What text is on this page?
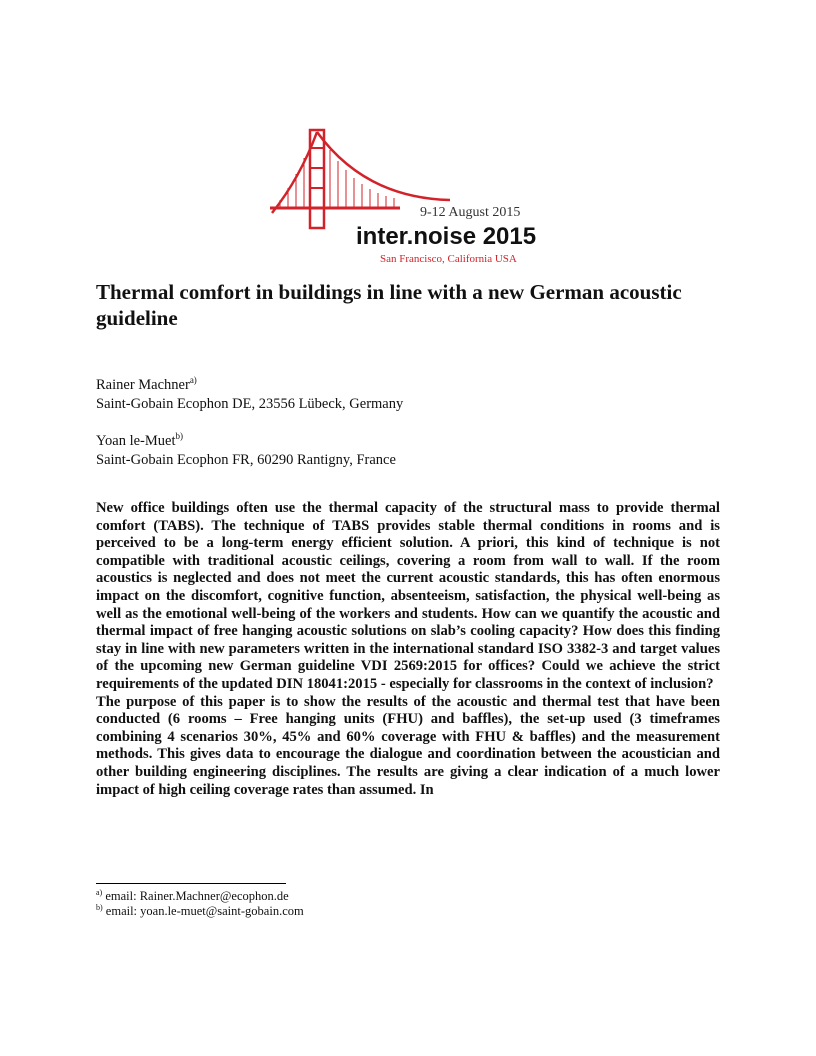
9-12 August 2015
inter.noise 2015
San Francisco, California USA
Thermal comfort in buildings in line with a new German acoustic guideline
Rainer Machner$^{a)}$
Saint-Gobain Ecophon DE, 23556 Lübeck, Germany
Yoan le-Muet$^{b)}$
Saint-Gobain Ecophon FR, 60290 Rantigny, France

New office buildings often use the thermal capacity of the structural mass to provide thermal comfort (TABS). The technique of TABS provides stable thermal conditions in rooms and is perceived to be a long-term energy efficient solution. A priori, this kind of technique is not compatible with traditional acoustic ceilings, covering a room from wall to wall. If the room acoustics is neglected and does not meet the current acoustic standards, this has often enormous impact on the discomfort, cognitive function, absenteeism, satisfaction, the physical well-being as well as the emotional well-being of the workers and students. How can we quantify the acoustic and thermal impact of free hanging acoustic solutions on slab’s cooling capacity? How does this finding stay in line with new parameters written in the international standard ISO 3382-3 and target values of the upcoming new German guideline VDI 2569:2015 for offices? Could we achieve the strict requirements of the updated DIN 18041:2015 - especially for classrooms in the context of inclusion?

The purpose of this paper is to show the results of the acoustic and thermal test that have been conducted (6 rooms – Free hanging units (FHU) and baffles), the set-up used (3 timeframes combining 4 scenarios 30%, 45% and 60% coverage with FHU & baffles) and the measurement methods. This gives data to encourage the dialogue and coordination between the acoustician and other building engineering disciplines. The results are giving a clear indication of a much lower impact of high ceiling coverage rates than assumed. In

$^{a)}$ email: Rainer.Machner@ecophon.de
$^{b)}$ email: yoan.le-muet@saint-gobain.com
